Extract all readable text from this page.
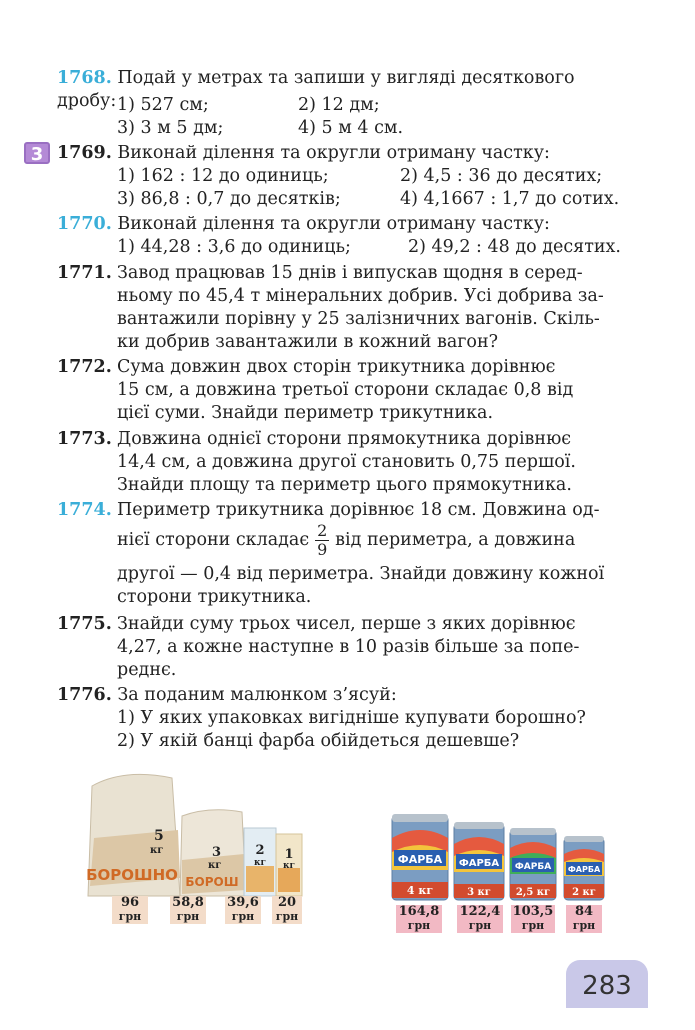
1768. Подай у метрах та запиши у вигляді десяткового дробу: 1) 527 см;	2) 12 дм;
3) 3 м 5 дм;	4) 5 м 4 см.
3 1769. Виконай ділення та округли отриману частку:
1) 162 : 12 до одиниць;	2) 4,5 : 36 до десятих;
3) 86,8 : 0,7 до десятків;	4) 4,1667 : 1,7 до сотих.
1770. Виконай ділення та округли отриману частку:
1) 44,28 : 3,6 до одиниць;	2) 49,2 : 48 до десятих.
1771. Завод працював 15 днів і випускав щодня в серед-
ньому по 45,4 т мінеральних добрив. Усі добрива за-
вантажили порівну у 25 залізничних вагонів. Скіль-
ки добрив завантажили в кожний вагон?
1772. Сума довжин двох сторін трикутника дорівнює
15 см, а довжина третьої сторони складає 0,8 від
цієї суми. Знайди периметр трикутника.
1773. Довжина однієї сторони прямокутника дорівнює
14,4 см, а довжина другої становить 0,75 першої.
Знайди площу та периметр цього прямокутника.
1774. Периметр трикутника дорівнює 18 см. Довжина од-
нієї сторони складає $\frac{2}{9}$ від периметра, а довжина
другої — 0,4 від периметра. Знайди довжину кожної
сторони трикутника.
1775. Знайди суму трьох чисел, перше з яких дорівнює
4,27, а кожне наступне в 10 разів більше за попе-
реднє.
1776. За поданим малюнком з’ясуй:
1) У яких упаковках вигідніше купувати борошно?
2) У якій банці фарба обійдеться дешевше?
БОРОШНО
5
кг
БОРОШ
3
кг
2
кг
1
кг
96
грн
58,8
грн
39,6
грн
20
грн
ФАРБА
4 кг
ФАРБА
3 кг
ФАРБА
2,5 кг
ФАРБА
2 кг
164,8
грн
122,4
грн
103,5
грн
84
грн
283
